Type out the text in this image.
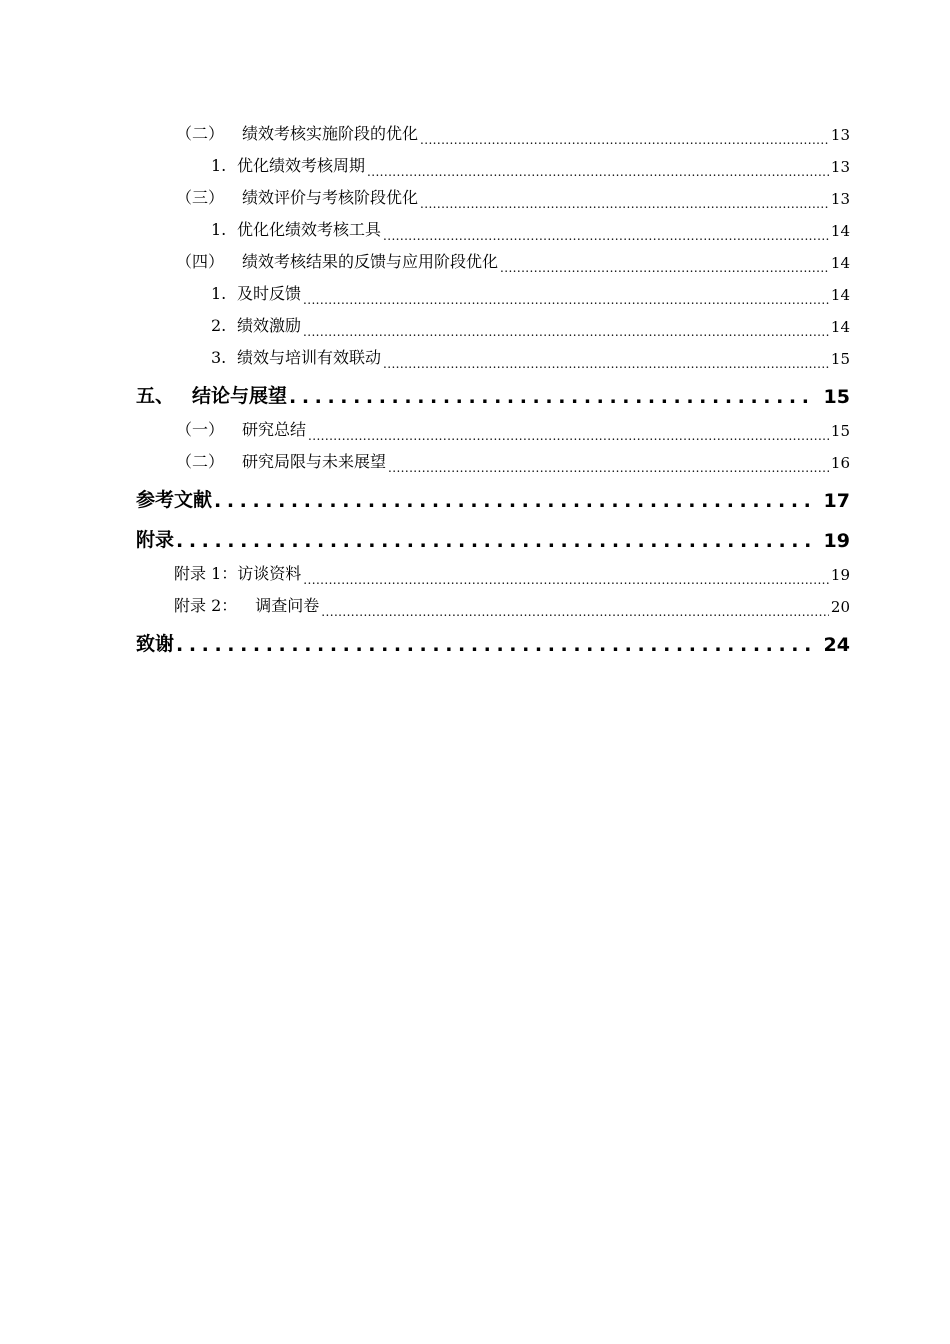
（二） 绩效考核实施阶段的优化 .....	13
1. 优化绩效考核周期 .....	13
（三） 绩效评价与考核阶段优化 .....	13
1. 优化化绩效考核工具 .....	14
（四） 绩效考核结果的反馈与应用阶段优化 .....	14
1. 及时反馈 .....	14
2. 绩效激励 .....	14
3. 绩效与培训有效联动 .....	15
五、 结论与展望 .....	15
（一） 研究总结 .....	15
（二） 研究局限与未来展望 .....	16
参考文献 .....	17
附录 .....	19
附录 1：访谈资料 .....	19
附录 2： 调查问卷 .....	20
致谢 .....	24
